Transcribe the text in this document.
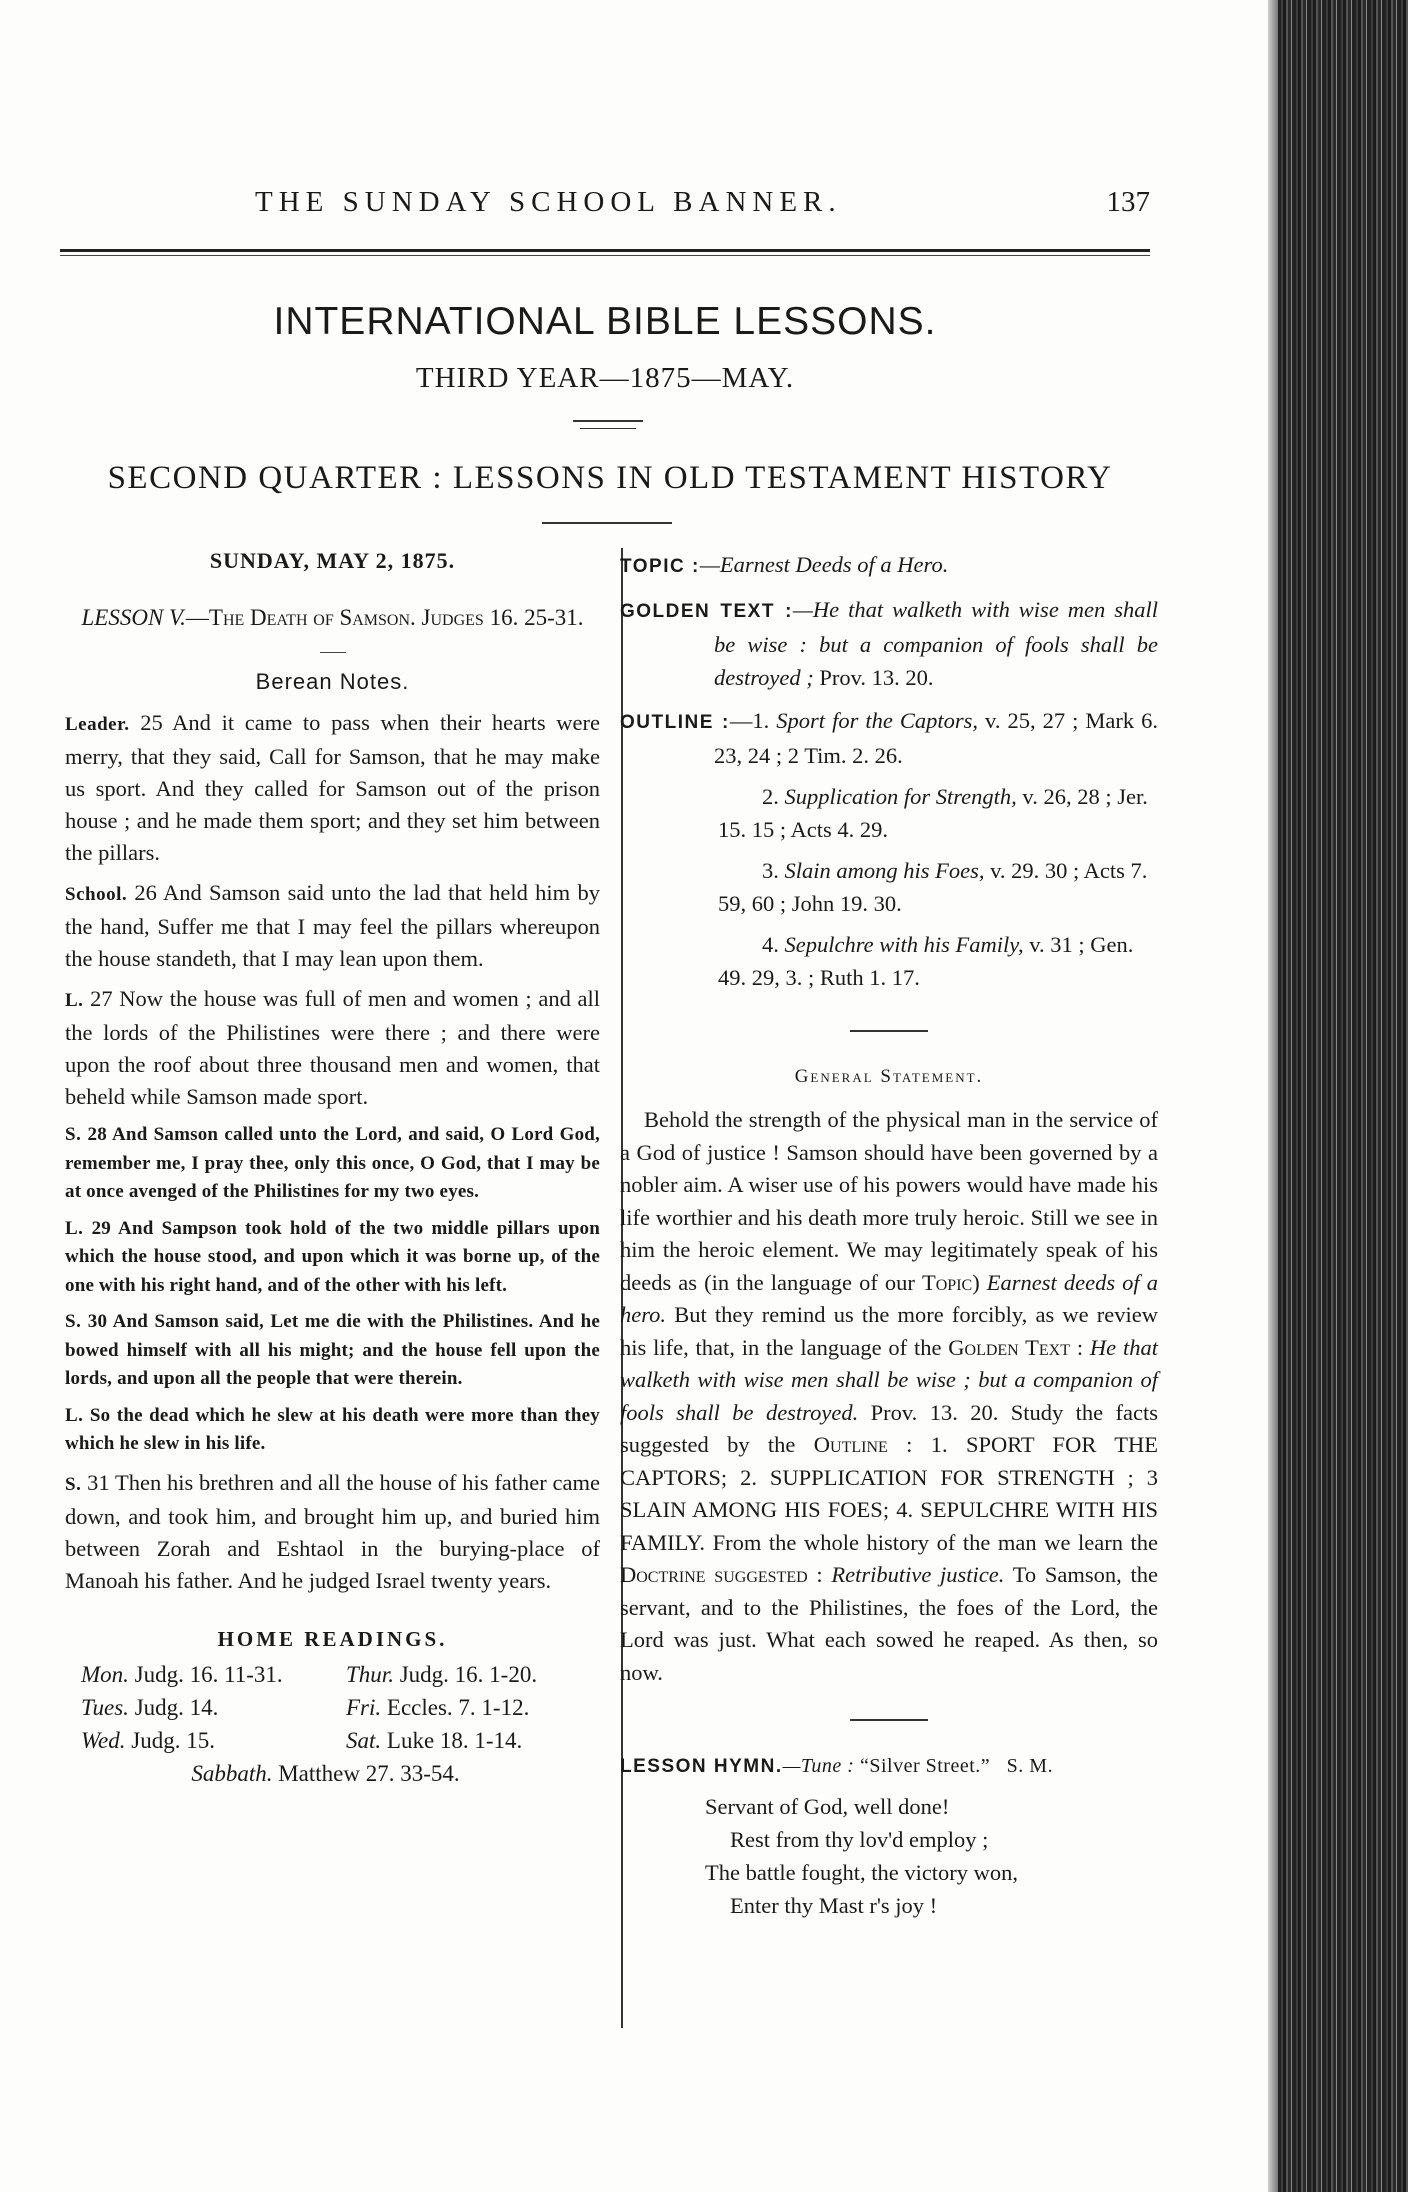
THE SUNDAY SCHOOL BANNER.	137
INTERNATIONAL BIBLE LESSONS.
THIRD YEAR—1875—MAY.
SECOND QUARTER : LESSONS IN OLD TESTAMENT HISTORY

SUNDAY, MAY 2, 1875.

LESSON V.—The Death of Samson. Judges 16. 25-31.

Berean Notes.

Leader. 25 And it came to pass when their hearts were merry, that they said, Call for Samson, that he may make us sport. And they called for Samson out of the prison house ; and he made them sport; and they set him between the pillars.

School. 26 And Samson said unto the lad that held him by the hand, Suffer me that I may feel the pillars whereupon the house standeth, that I may lean upon them.

L. 27 Now the house was full of men and women ; and all the lords of the Philistines were there ; and there were upon the roof about three thousand men and women, that beheld while Samson made sport.

S. 28 And Samson called unto the Lord, and said, O Lord God, remember me, I pray thee, only this once, O God, that I may be at once avenged of the Philistines for my two eyes.

L. 29 And Sampson took hold of the two middle pillars upon which the house stood, and upon which it was borne up, of the one with his right hand, and of the other with his left.

S. 30 And Samson said, Let me die with the Philistines. And he bowed himself with all his might; and the house fell upon the lords, and upon all the people that were therein.

L. So the dead which he slew at his death were more than they which he slew in his life.

S. 31 Then his brethren and all the house of his father came down, and took him, and brought him up, and buried him between Zorah and Eshtaol in the burying-place of Manoah his father. And he judged Israel twenty years.

HOME READINGS.

Mon. Judg. 16. 11-31.	Thur. Judg. 16. 1-20.
Tues. Judg. 14.	Fri. Eccles. 7. 1-12.
Wed. Judg. 15.	Sat. Luke 18. 1-14.
Sabbath. Matthew 27. 33-54.

TOPIC :—Earnest Deeds of a Hero.

GOLDEN TEXT :—He that walketh with wise men shall be wise : but a companion of fools shall be destroyed ; Prov. 13. 20.

OUTLINE :—1. Sport for the Captors, v. 25, 27 ; Mark 6. 23, 24 ; 2 Tim. 2. 26.

2. Supplication for Strength, v. 26, 28 ; Jer. 15. 15 ; Acts 4. 29.

3. Slain among his Foes, v. 29. 30 ; Acts 7. 59, 60 ; John 19. 30.

4. Sepulchre with his Family, v. 31 ; Gen. 49. 29, 3. ; Ruth 1. 17.

General Statement.

Behold the strength of the physical man in the service of a God of justice ! Samson should have been governed by a nobler aim. A wiser use of his powers would have made his life worthier and his death more truly heroic. Still we see in him the heroic element. We may legitimately speak of his deeds as (in the language of our Topic) Earnest deeds of a hero. But they remind us the more forcibly, as we review his life, that, in the language of the Golden Text : He that walketh with wise men shall be wise ; but a companion of fools shall be destroyed. Prov. 13. 20. Study the facts suggested by the Outline : 1. SPORT FOR THE CAPTORS; 2. SUPPLICATION FOR STRENGTH ; 3 SLAIN AMONG HIS FOES; 4. SEPULCHRE WITH HIS FAMILY. From the whole history of the man we learn the Doctrine suggested : Retributive justice. To Samson, the servant, and to the Philistines, the foes of the Lord, the Lord was just. What each sowed he reaped. As then, so now.

LESSON HYMN.—Tune : “Silver Street.” S. M.

Servant of God, well done!

Rest from thy lov'd employ ;

The battle fought, the victory won,

Enter thy Mast r's joy !
